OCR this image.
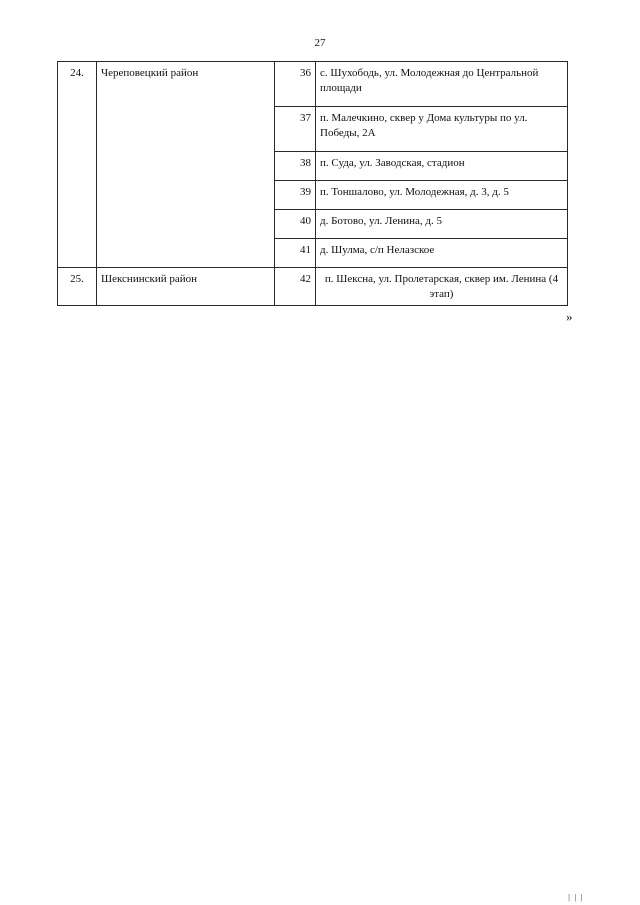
27
24.	Череповецкий район	36	с. Шухободь, ул. Молодежная до Центральной площади
		37	п. Малечкино, сквер у Дома культуры по ул. Победы, 2А
		38	п. Суда, ул. Заводская, стадион
		39	п. Тоншалово, ул. Молодежная, д. 3, д. 5
		40	д. Ботово, ул. Ленина, д. 5
		41	д. Шулма, с/п Нелазское
25.	Шекснинский район	42	п. Шексна, ул. Пролетарская, сквер им. Ленина (4 этап)
»
| | |
